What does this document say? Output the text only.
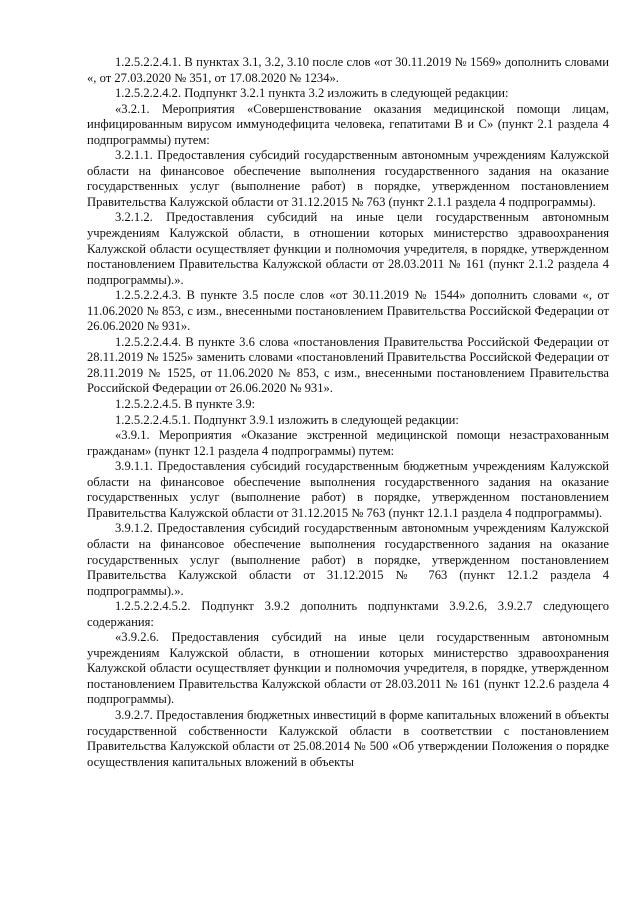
1.2.5.2.2.4.1. В пунктах 3.1, 3.2, 3.10 после слов «от 30.11.2019 № 1569» дополнить словами «, от 27.03.2020 № 351, от 17.08.2020 № 1234».

1.2.5.2.2.4.2. Подпункт 3.2.1 пункта 3.2 изложить в следующей редакции:

«3.2.1. Мероприятия «Совершенствование оказания медицинской помощи лицам, инфицированным вирусом иммунодефицита человека, гепатитами В и С» (пункт 2.1 раздела 4 подпрограммы) путем:

3.2.1.1. Предоставления субсидий государственным автономным учреждениям Калужской области на финансовое обеспечение выполнения государственного задания на оказание государственных услуг (выполнение работ) в порядке, утвержденном постановлением Правительства Калужской области от 31.12.2015 № 763 (пункт 2.1.1 раздела 4 подпрограммы).

3.2.1.2. Предоставления субсидий на иные цели государственным автономным учреждениям Калужской области, в отношении которых министерство здравоохранения Калужской области осуществляет функции и полномочия учредителя, в порядке, утвержденном постановлением Правительства Калужской области от 28.03.2011 № 161 (пункт 2.1.2 раздела 4 подпрограммы).».

1.2.5.2.2.4.3. В пункте 3.5 после слов «от 30.11.2019 № 1544» дополнить словами «, от 11.06.2020 № 853, с изм., внесенными постановлением Правительства Российской Федерации от 26.06.2020 № 931».

1.2.5.2.2.4.4. В пункте 3.6 слова «постановления Правительства Российской Федерации от 28.11.2019 № 1525» заменить словами «постановлений Правительства Российской Федерации от 28.11.2019 № 1525, от 11.06.2020 № 853, с изм., внесенными постановлением Правительства Российской Федерации от 26.06.2020 № 931».

1.2.5.2.2.4.5. В пункте 3.9:

1.2.5.2.2.4.5.1. Подпункт 3.9.1 изложить в следующей редакции:

«3.9.1. Мероприятия «Оказание экстренной медицинской помощи незастрахованным гражданам» (пункт 12.1 раздела 4 подпрограммы) путем:

3.9.1.1. Предоставления субсидий государственным бюджетным учреждениям Калужской области на финансовое обеспечение выполнения государственного задания на оказание государственных услуг (выполнение работ) в порядке, утвержденном постановлением Правительства Калужской области от 31.12.2015 № 763 (пункт 12.1.1 раздела 4 подпрограммы).

3.9.1.2. Предоставления субсидий государственным автономным учреждениям Калужской области на финансовое обеспечение выполнения государственного задания на оказание государственных услуг (выполнение работ) в порядке, утвержденном постановлением Правительства Калужской области от 31.12.2015 № 763 (пункт 12.1.2 раздела 4 подпрограммы).».

1.2.5.2.2.4.5.2. Подпункт 3.9.2 дополнить подпунктами 3.9.2.6, 3.9.2.7 следующего содержания:

«3.9.2.6. Предоставления субсидий на иные цели государственным автономным учреждениям Калужской области, в отношении которых министерство здравоохранения Калужской области осуществляет функции и полномочия учредителя, в порядке, утвержденном постановлением Правительства Калужской области от 28.03.2011 № 161 (пункт 12.2.6 раздела 4 подпрограммы).

3.9.2.7. Предоставления бюджетных инвестиций в форме капитальных вложений в объекты государственной собственности Калужской области в соответствии с постановлением Правительства Калужской области от 25.08.2014 № 500 «Об утверждении Положения о порядке осуществления капитальных вложений в объекты
